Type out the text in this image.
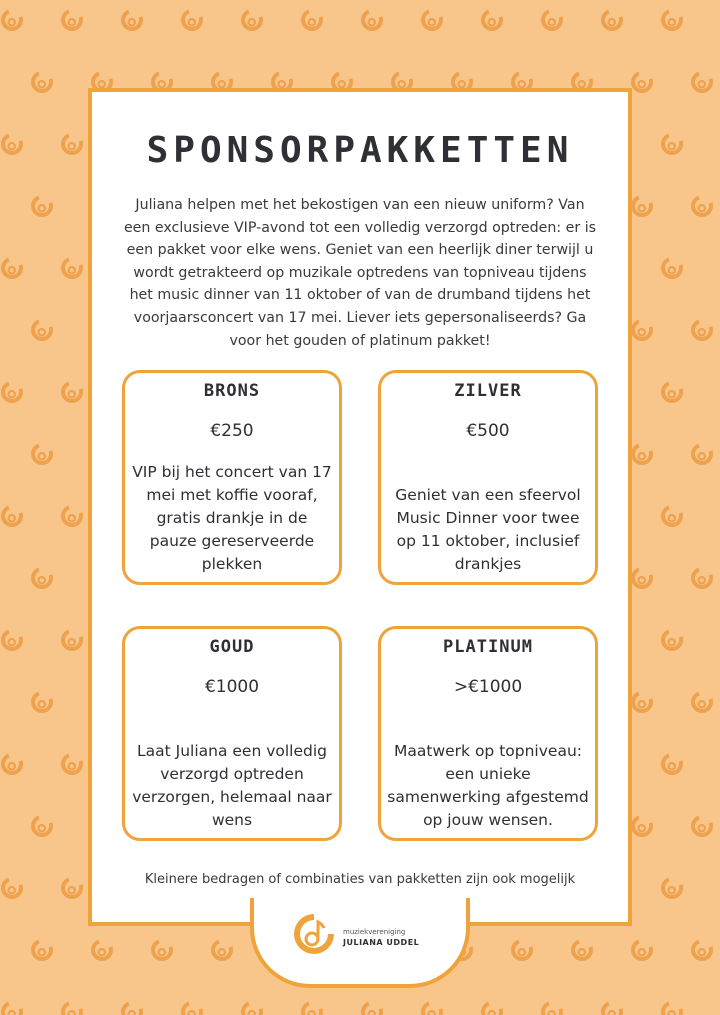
SPONSORPAKKETTEN
Juliana helpen met het bekostigen van een nieuw uniform? Van een exclusieve VIP-avond tot een volledig verzorgd optreden: er is een pakket voor elke wens. Geniet van een heerlijk diner terwijl u wordt getrakteerd op muzikale optredens van topniveau tijdens het music dinner van 11 oktober of van de drumband tijdens het voorjaarsconcert van 17 mei. Liever iets gepersonaliseerds? Ga voor het gouden of platinum pakket!
BRONS
€250
VIP bij het concert van 17 mei met koffie vooraf, gratis drankje in de pauze gereserveerde plekken
ZILVER
€500
Geniet van een sfeervol Music Dinner voor twee op 11 oktober, inclusief drankjes
GOUD
€1000
Laat Juliana een volledig verzorgd optreden verzorgen, helemaal naar wens
PLATINUM
>€1000
Maatwerk op topniveau: een unieke samenwerking afgestemd op jouw wensen.
Kleinere bedragen of combinaties van pakketten zijn ook mogelijk
muziekvereniging
JULIANA UDDEL
